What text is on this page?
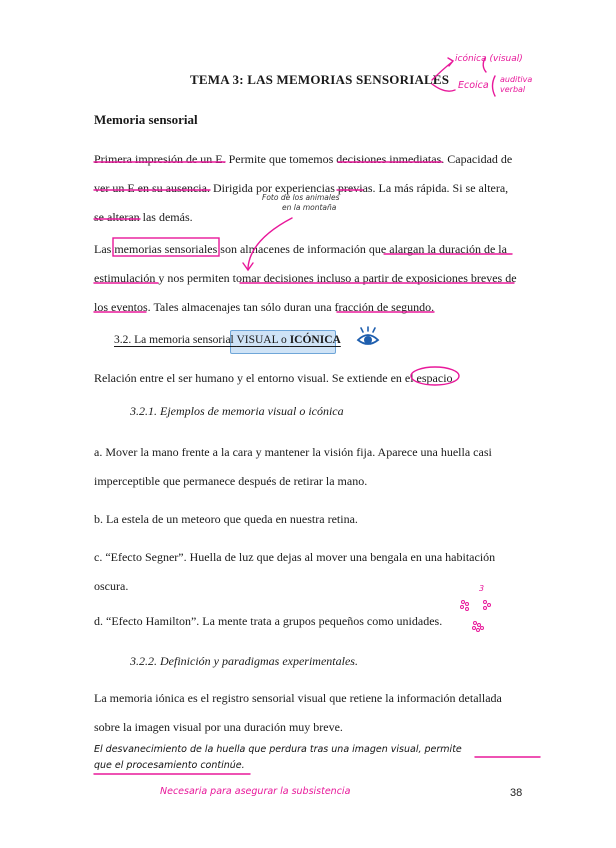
TEMA 3: LAS MEMORIAS SENSORIALES
icónica (visual)
Ecoica
auditiva
verbal
Memoria sensorial
Primera impresión de un E. Permite que tomemos decisiones inmediatas. Capacidad de
ver un E en su ausencia. Dirigida por experiencias previas. La más rápida. Si se altera,
se alteran las demás.
Foto de los animales
en la montaña
Las memorias sensoriales son almacenes de información que alargan la duración de la
estimulación y nos permiten tomar decisiones incluso a partir de exposiciones breves de
los eventos. Tales almacenajes tan sólo duran una fracción de segundo.
3.2. La memoria sensorial VISUAL o ICÓNICA
Relación entre el ser humano y el entorno visual. Se extiende en el espacio.
3.2.1. Ejemplos de memoria visual o icónica
a. Mover la mano frente a la cara y mantener la visión fija. Aparece una huella casi
imperceptible que permanece después de retirar la mano.
b. La estela de un meteoro que queda en nuestra retina.
c. “Efecto Segner”. Huella de luz que dejas al mover una bengala en una habitación
oscura.
d. “Efecto Hamilton”. La mente trata a grupos pequeños como unidades.
3
3.2.2. Definición y paradigmas experimentales.
La memoria iónica es el registro sensorial visual que retiene la información detallada
sobre la imagen visual por una duración muy breve.
El desvanecimiento de la huella que perdura tras una imagen visual, permite
que el procesamiento continúe.
Necesaria para asegurar la subsistencia	38
